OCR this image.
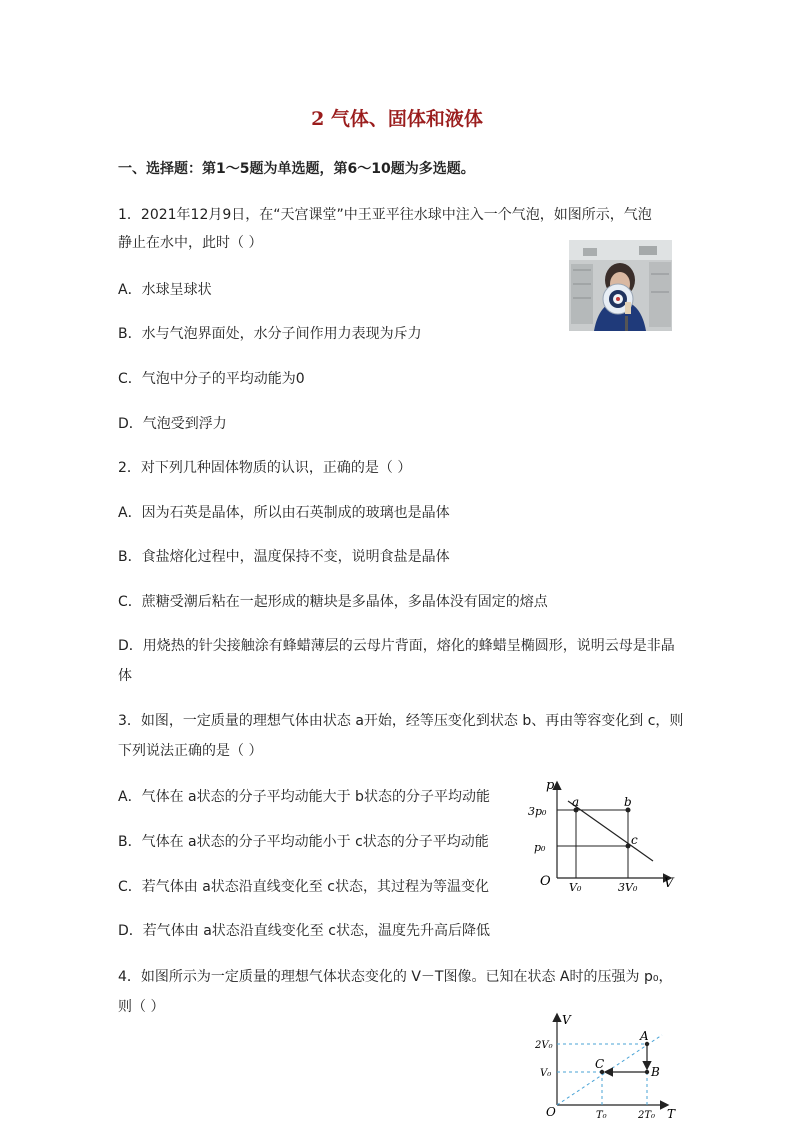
2 气体、固体和液体
一、选择题：第1～5题为单选题，第6～10题为多选题。
1．2021年12月9日，在“天宫课堂”中王亚平往水球中注入一个气泡，如图所示，气泡
静止在水中，此时（ ）
A．水球呈球状
B．水与气泡界面处，水分子间作用力表现为斥力
C．气泡中分子的平均动能为0
D．气泡受到浮力
2．对下列几种固体物质的认识，正确的是（ ）
A．因为石英是晶体，所以由石英制成的玻璃也是晶体
B．食盐熔化过程中，温度保持不变，说明食盐是晶体
C．蔗糖受潮后粘在一起形成的糖块是多晶体，多晶体没有固定的熔点
D．用烧热的针尖接触涂有蜂蜡薄层的云母片背面，熔化的蜂蜡呈椭圆形，说明云母是非晶
体
3．如图，一定质量的理想气体由状态 a开始，经等压变化到状态 b、再由等容变化到 c，则
下列说法正确的是（ ）
A．气体在 a状态的分子平均动能大于 b状态的分子平均动能
B．气体在 a状态的分子平均动能小于 c状态的分子平均动能
C．若气体由 a状态沿直线变化至 c状态，其过程为等温变化
D．若气体由 a状态沿直线变化至 c状态，温度先升高后降低
p
V
O
3p₀
p₀
V₀	3V₀
a	b
c
4．如图所示为一定质量的理想气体状态变化的 V－T图像。已知在状态 A时的压强为 p₀，
则（ ）
V
T
O
2V₀
V₀
T₀	2T₀
A
B
C
